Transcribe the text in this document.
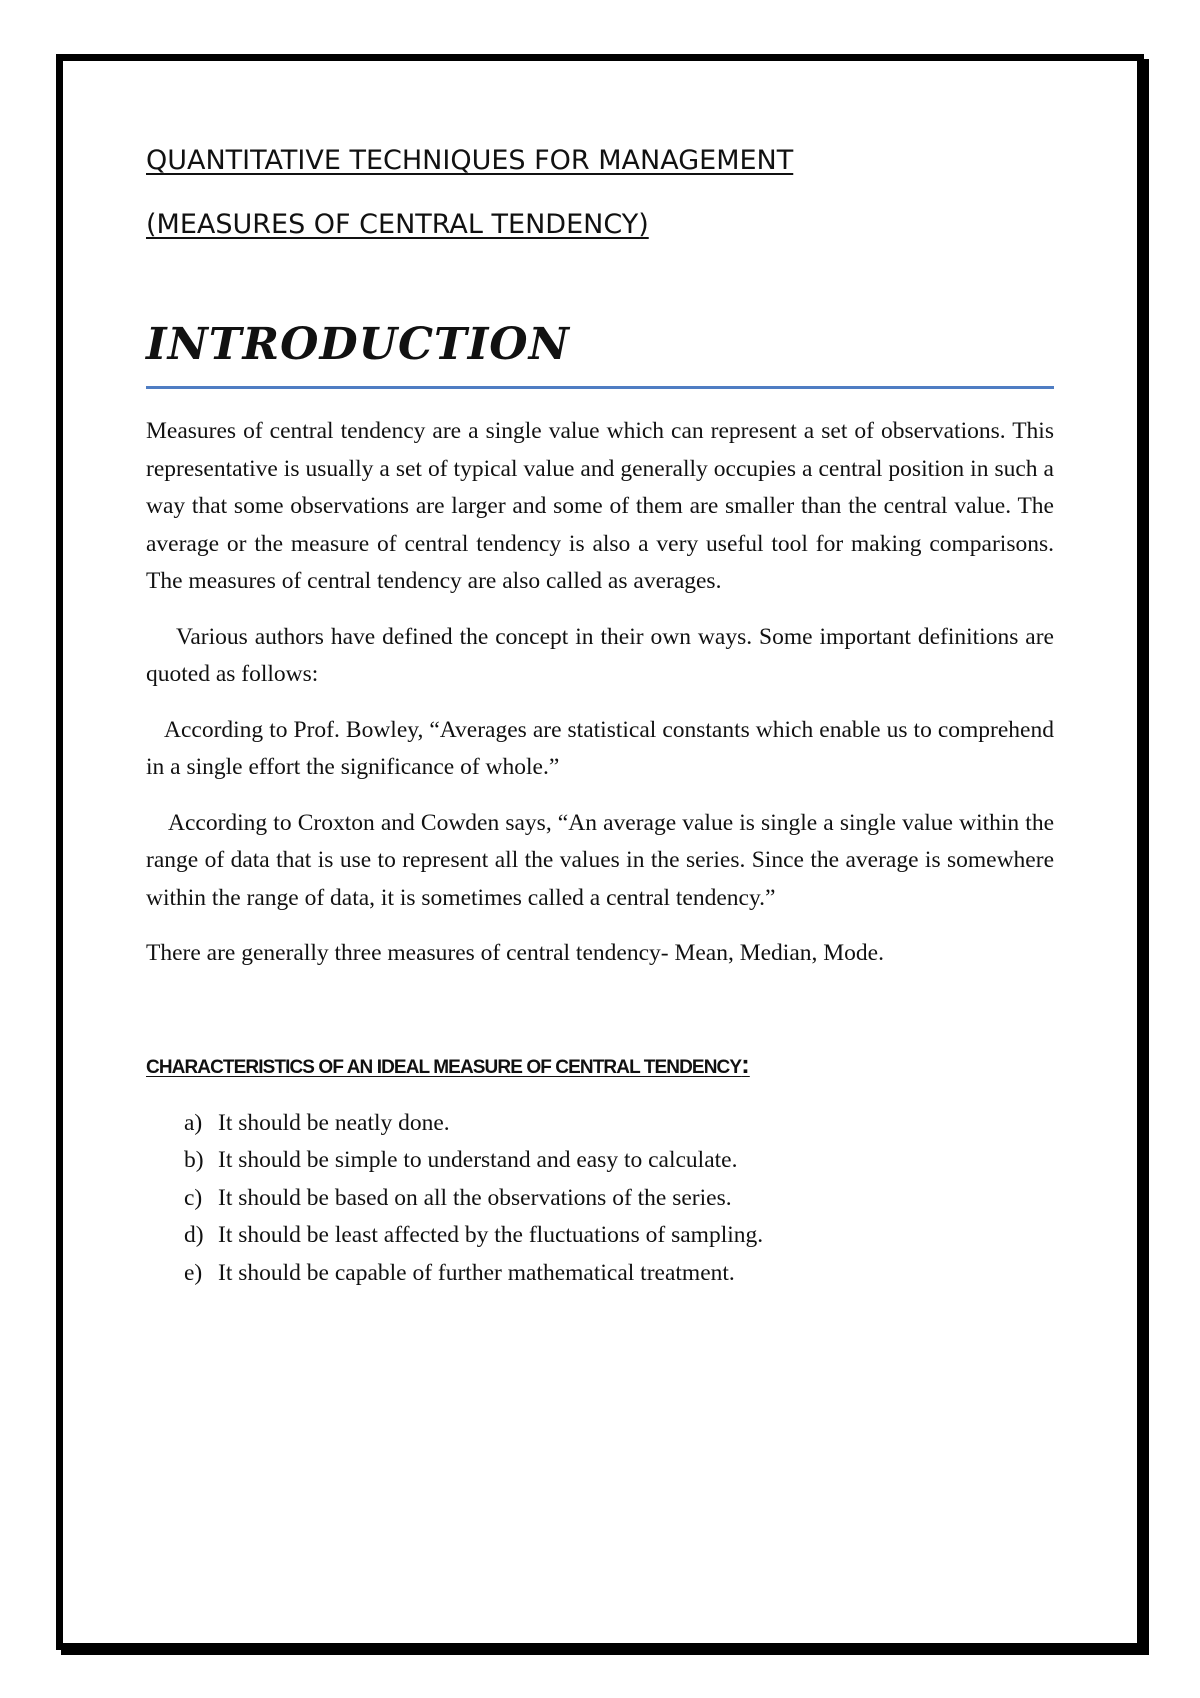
QUANTITATIVE TECHNIQUES FOR MANAGEMENT

(MEASURES OF CENTRAL TENDENCY)

INTRODUCTION

Measures of central tendency are a single value which can represent a set of observations. This representative is usually a set of typical value and generally occupies a central position in such a way that some observations are larger and some of them are smaller than the central value. The average or the measure of central tendency is also a very useful tool for making comparisons. The measures of central tendency are also called as averages.

Various authors have defined the concept in their own ways. Some important definitions are quoted as follows:

According to Prof. Bowley, “Averages are statistical constants which enable us to comprehend in a single effort the significance of whole.”

According to Croxton and Cowden says, “An average value is single a single value within the range of data that is use to represent all the values in the series. Since the average is somewhere within the range of data, it is sometimes called a central tendency.”

There are generally three measures of central tendency- Mean, Median, Mode.

CHARACTERISTICS OF AN IDEAL MEASURE OF CENTRAL TENDENCY:
a) It should be neatly done.
b) It should be simple to understand and easy to calculate.
c) It should be based on all the observations of the series.
d) It should be least affected by the fluctuations of sampling.
e) It should be capable of further mathematical treatment.
